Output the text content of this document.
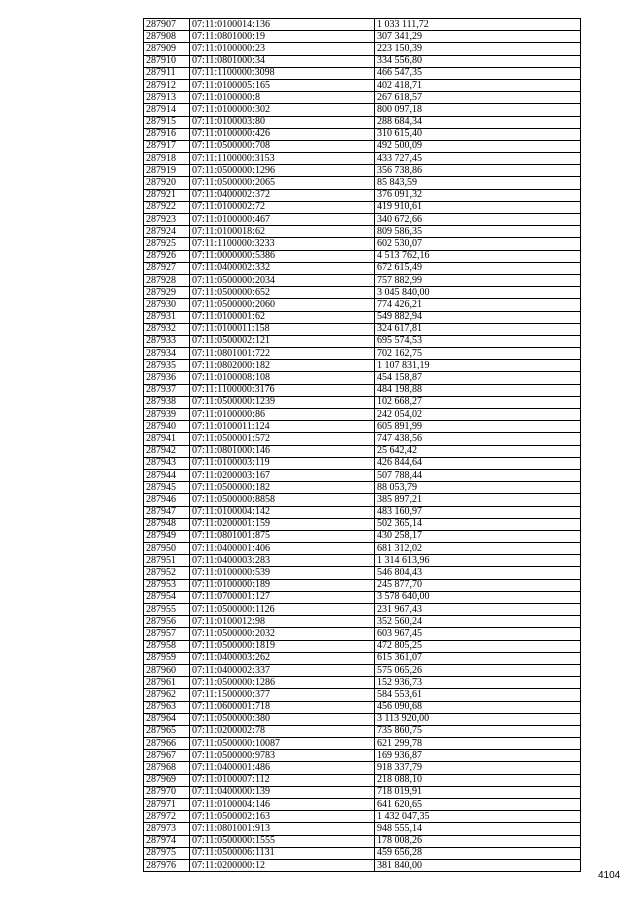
287907	07:11:0100014:136	1 033 111,72
287908	07:11:0801000:19	307 341,29
287909	07:11:0100000:23	223 150,39
287910	07:11:0801000:34	334 556,80
287911	07:11:1100000:3098	466 547,35
287912	07:11:0100005:165	402 418,71
287913	07:11:0100000:8	267 618,57
287914	07:11:0100000:302	800 097,18
287915	07:11:0100003:80	288 684,34
287916	07:11:0100000:426	310 615,40
287917	07:11:0500000:708	492 500,09
287918	07:11:1100000:3153	433 727,45
287919	07:11:0500000:1296	356 738,86
287920	07:11:0500000:2065	85 843,59
287921	07:11:0400002:372	376 091,32
287922	07:11:0100002:72	419 910,61
287923	07:11:0100000:467	340 672,66
287924	07:11:0100018:62	809 586,35
287925	07:11:1100000:3233	602 530,07
287926	07:11:0000000:5386	4 513 762,16
287927	07:11:0400002:332	672 615,49
287928	07:11:0500000:2034	757 882,99
287929	07:11:0500000:652	3 045 840,00
287930	07:11:0500000:2060	774 426,21
287931	07:11:0100001:62	549 882,94
287932	07:11:0100011:158	324 617,81
287933	07:11:0500002:121	695 574,53
287934	07:11:0801001:722	702 162,75
287935	07:11:0802000:182	1 107 831,19
287936	07:11:0100008:108	454 158,87
287937	07:11:1100000:3176	484 198,88
287938	07:11:0500000:1239	102 668,27
287939	07:11:0100000:86	242 054,02
287940	07:11:0100011:124	605 891,99
287941	07:11:0500001:572	747 438,56
287942	07:11:0801000:146	25 642,42
287943	07:11:0100003:119	426 844,64
287944	07:11:0200003:167	507 788,44
287945	07:11:0500000:182	88 053,79
287946	07:11:0500000:8858	385 897,21
287947	07:11:0100004:142	483 160,97
287948	07:11:0200001:159	502 365,14
287949	07:11:0801001:875	430 258,17
287950	07:11:0400001:406	681 312,02
287951	07:11:0400003:283	1 314 613,96
287952	07:11:0100000:539	546 804,43
287953	07:11:0100000:189	245 877,70
287954	07:11:0700001:127	3 578 640,00
287955	07:11:0500000:1126	231 967,43
287956	07:11:0100012:98	352 560,24
287957	07:11:0500000:2032	603 967,45
287958	07:11:0500000:1819	472 805,25
287959	07:11:0400003:262	615 361,07
287960	07:11:0400002:337	575 065,26
287961	07:11:0500000:1286	152 936,73
287962	07:11:1500000:377	584 553,61
287963	07:11:0600001:718	456 090,68
287964	07:11:0500000:380	3 113 920,00
287965	07:11:0200002:78	735 860,75
287966	07:11:0500000:10087	621 299,78
287967	07:11:0500000:9783	169 936,87
287968	07:11:0400001:486	918 337,79
287969	07:11:0100007:112	218 088,10
287970	07:11:0400000:139	718 019,91
287971	07:11:0100004:146	641 620,65
287972	07:11:0500002:163	1 432 047,35
287973	07:11:0801001:913	948 555,14
287974	07:11:0500000:1555	178 008,26
287975	07:11:0500006:1131	459 656,28
287976	07:11:0200000:12	381 840,00
4104
